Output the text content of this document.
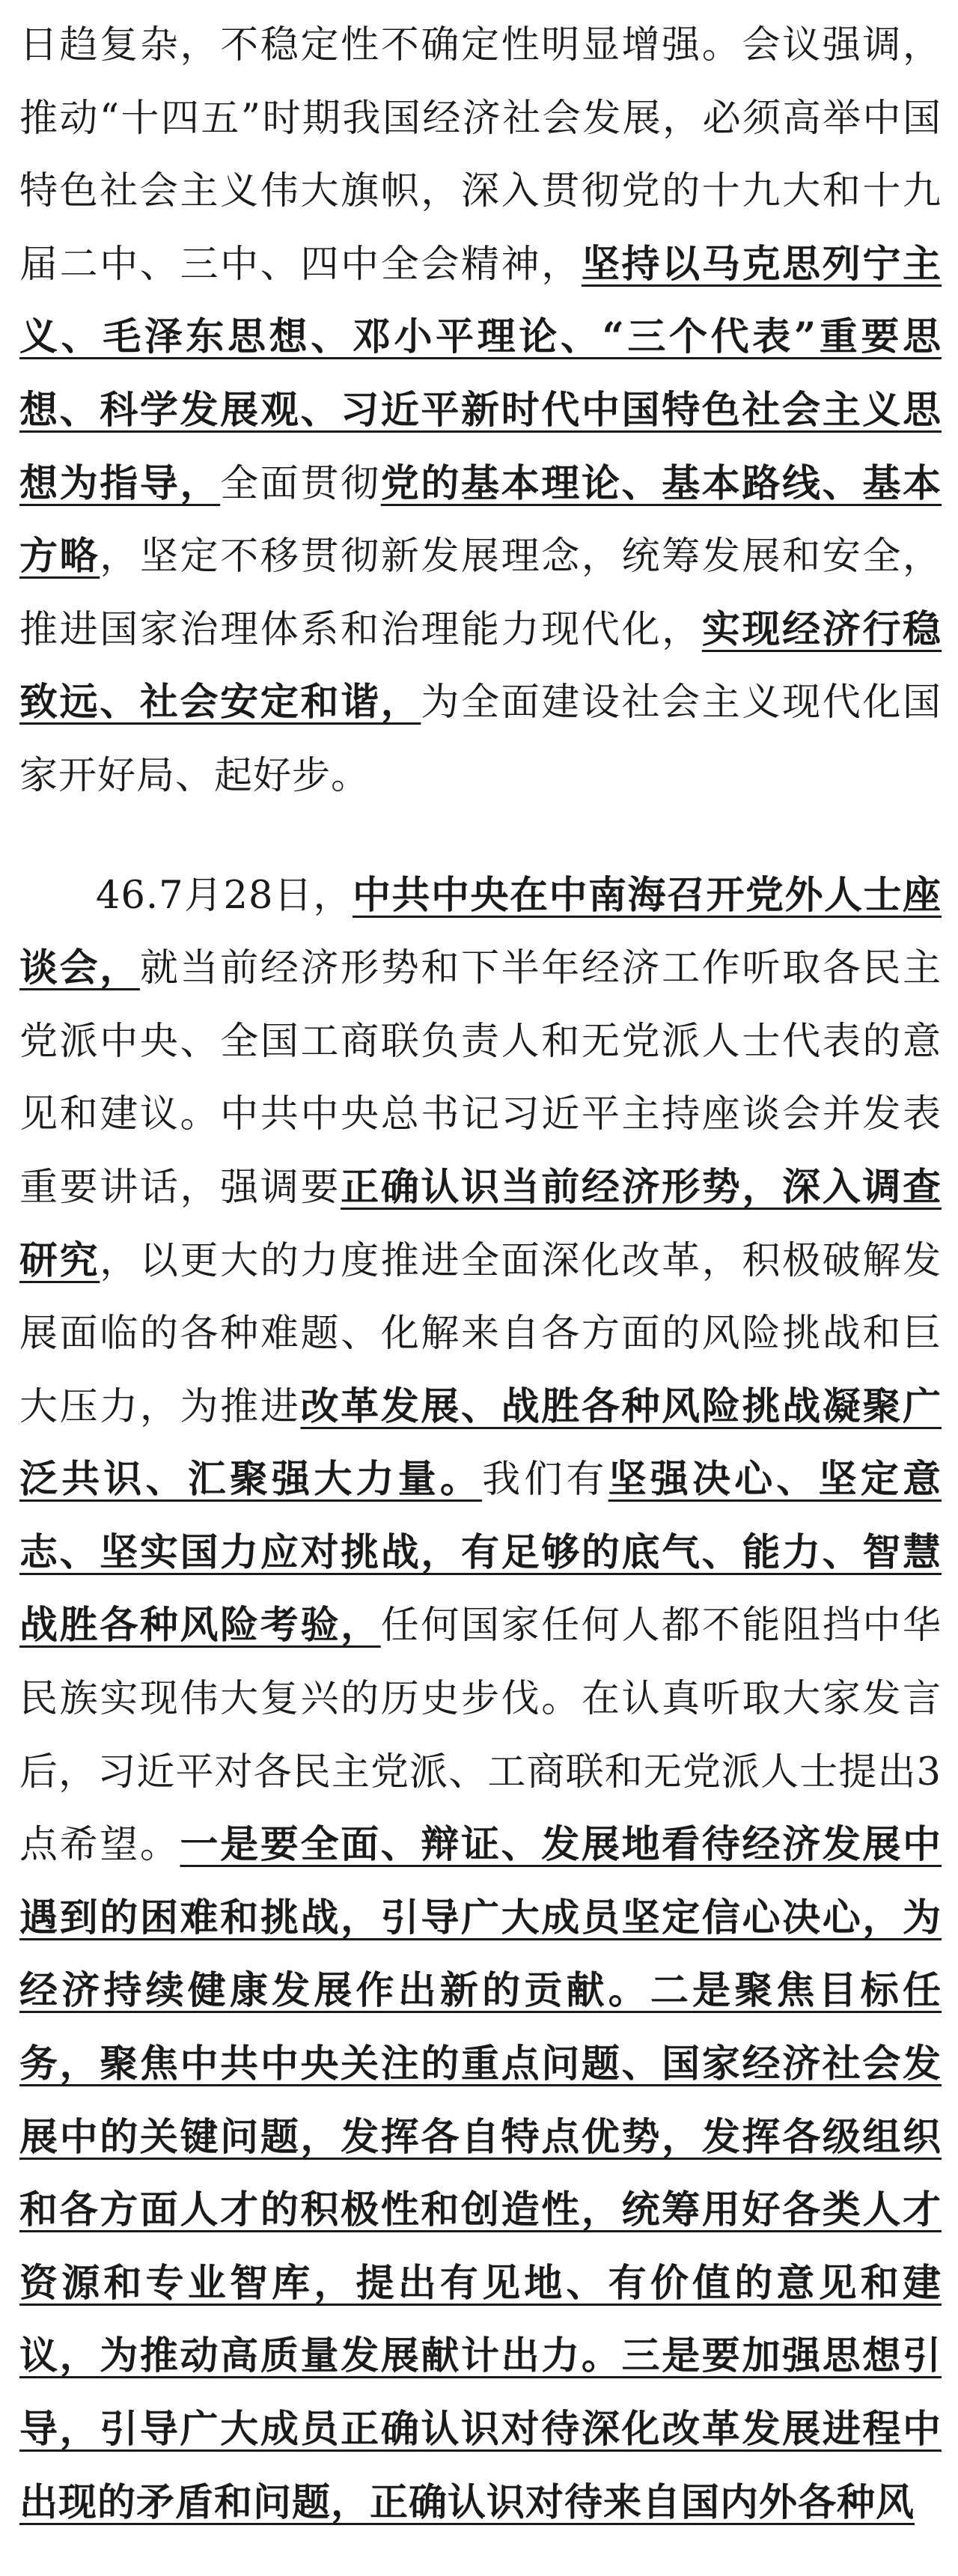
日趋复杂，不稳定性不确定性明显增强。会议强调，推动“十四五”时期我国经济社会发展，必须高举中国特色社会主义伟大旗帜，深入贯彻党的十九大和十九届二中、三中、四中全会精神，坚持以马克思列宁主义、毛泽东思想、邓小平理论、“三个代表”重要思想、科学发展观、习近平新时代中国特色社会主义思想为指导，全面贯彻党的基本理论、基本路线、基本方略，坚定不移贯彻新发展理念，统筹发展和安全，推进国家治理体系和治理能力现代化，实现经济行稳致远、社会安定和谐，为全面建设社会主义现代化国家开好局、起好步。

46.7月28日，中共中央在中南海召开党外人士座谈会，就当前经济形势和下半年经济工作听取各民主党派中央、全国工商联负责人和无党派人士代表的意见和建议。中共中央总书记习近平主持座谈会并发表重要讲话，强调要正确认识当前经济形势，深入调查研究，以更大的力度推进全面深化改革，积极破解发展面临的各种难题、化解来自各方面的风险挑战和巨大压力，为推进改革发展、战胜各种风险挑战凝聚广泛共识、汇聚强大力量。我们有坚强决心、坚定意志、坚实国力应对挑战，有足够的底气、能力、智慧战胜各种风险考验，任何国家任何人都不能阻挡中华民族实现伟大复兴的历史步伐。在认真听取大家发言后，习近平对各民主党派、工商联和无党派人士提出3点希望。一是要全面、辩证、发展地看待经济发展中遇到的困难和挑战，引导广大成员坚定信心决心，为经济持续健康发展作出新的贡献。二是聚焦目标任务，聚焦中共中央关注的重点问题、国家经济社会发展中的关键问题，发挥各自特点优势，发挥各级组织和各方面人才的积极性和创造性，统筹用好各类人才资源和专业智库，提出有见地、有价值的意见和建议，为推动高质量发展献计出力。三是要加强思想引导，引导广大成员正确认识对待深化改革发展进程中出现的矛盾和问题，正确认识对待来自国内外各种风
